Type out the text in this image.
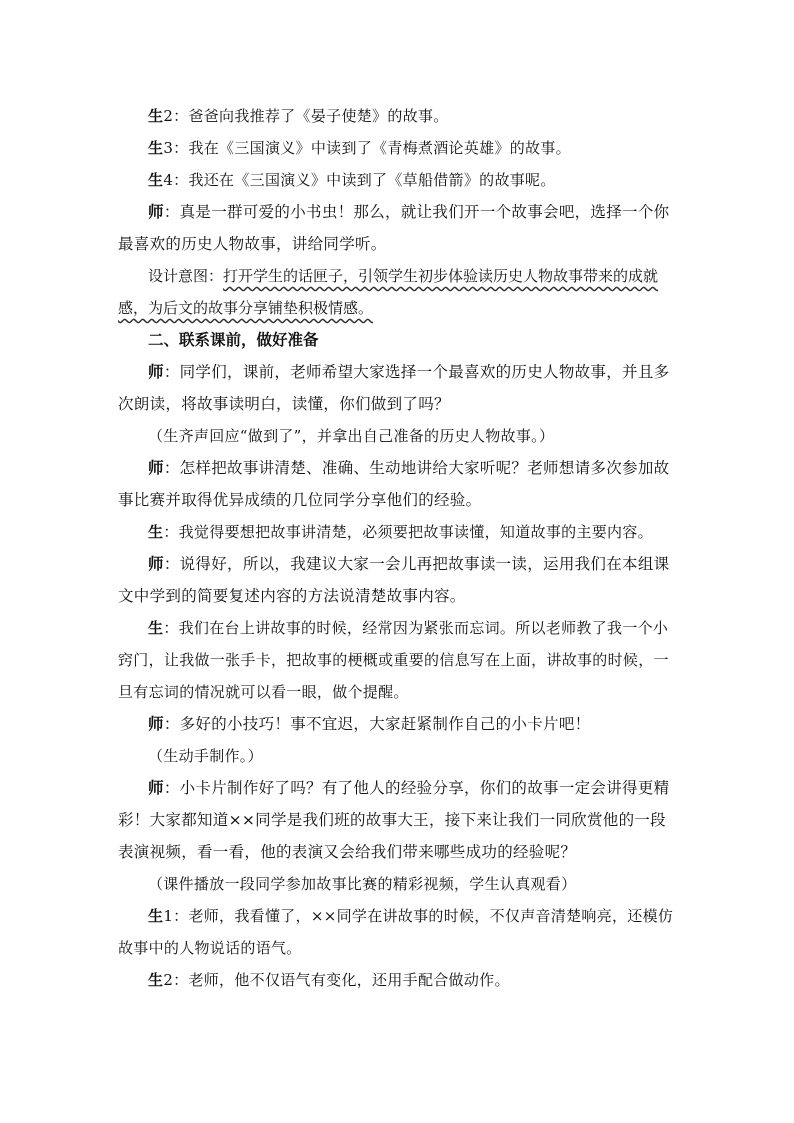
生2：爸爸向我推荐了《晏子使楚》的故事。

生3：我在《三国演义》中读到了《青梅煮酒论英雄》的故事。

生4：我还在《三国演义》中读到了《草船借箭》的故事呢。

师：真是一群可爱的小书虫！那么，就让我们开一个故事会吧，选择一个你最喜欢的历史人物故事，讲给同学听。

设计意图：打开学生的话匣子，引领学生初步体验读历史人物故事带来的成就感，为后文的故事分享铺垫积极情感。

二、联系课前，做好准备

师：同学们，课前，老师希望大家选择一个最喜欢的历史人物故事，并且多次朗读，将故事读明白，读懂，你们做到了吗？

（生齐声回应“做到了”，并拿出自己准备的历史人物故事。）

师：怎样把故事讲清楚、准确、生动地讲给大家听呢？老师想请多次参加故事比赛并取得优异成绩的几位同学分享他们的经验。

生：我觉得要想把故事讲清楚，必须要把故事读懂，知道故事的主要内容。

师：说得好，所以，我建议大家一会儿再把故事读一读，运用我们在本组课文中学到的简要复述内容的方法说清楚故事内容。

生：我们在台上讲故事的时候，经常因为紧张而忘词。所以老师教了我一个小窍门，让我做一张手卡，把故事的梗概或重要的信息写在上面，讲故事的时候，一旦有忘词的情况就可以看一眼，做个提醒。

师：多好的小技巧！事不宜迟，大家赶紧制作自己的小卡片吧！

（生动手制作。）

师：小卡片制作好了吗？有了他人的经验分享，你们的故事一定会讲得更精彩！大家都知道××同学是我们班的故事大王，接下来让我们一同欣赏他的一段表演视频，看一看，他的表演又会给我们带来哪些成功的经验呢？

（课件播放一段同学参加故事比赛的精彩视频，学生认真观看）

生1：老师，我看懂了，××同学在讲故事的时候，不仅声音清楚响亮，还模仿故事中的人物说话的语气。

生2：老师，他不仅语气有变化，还用手配合做动作。
